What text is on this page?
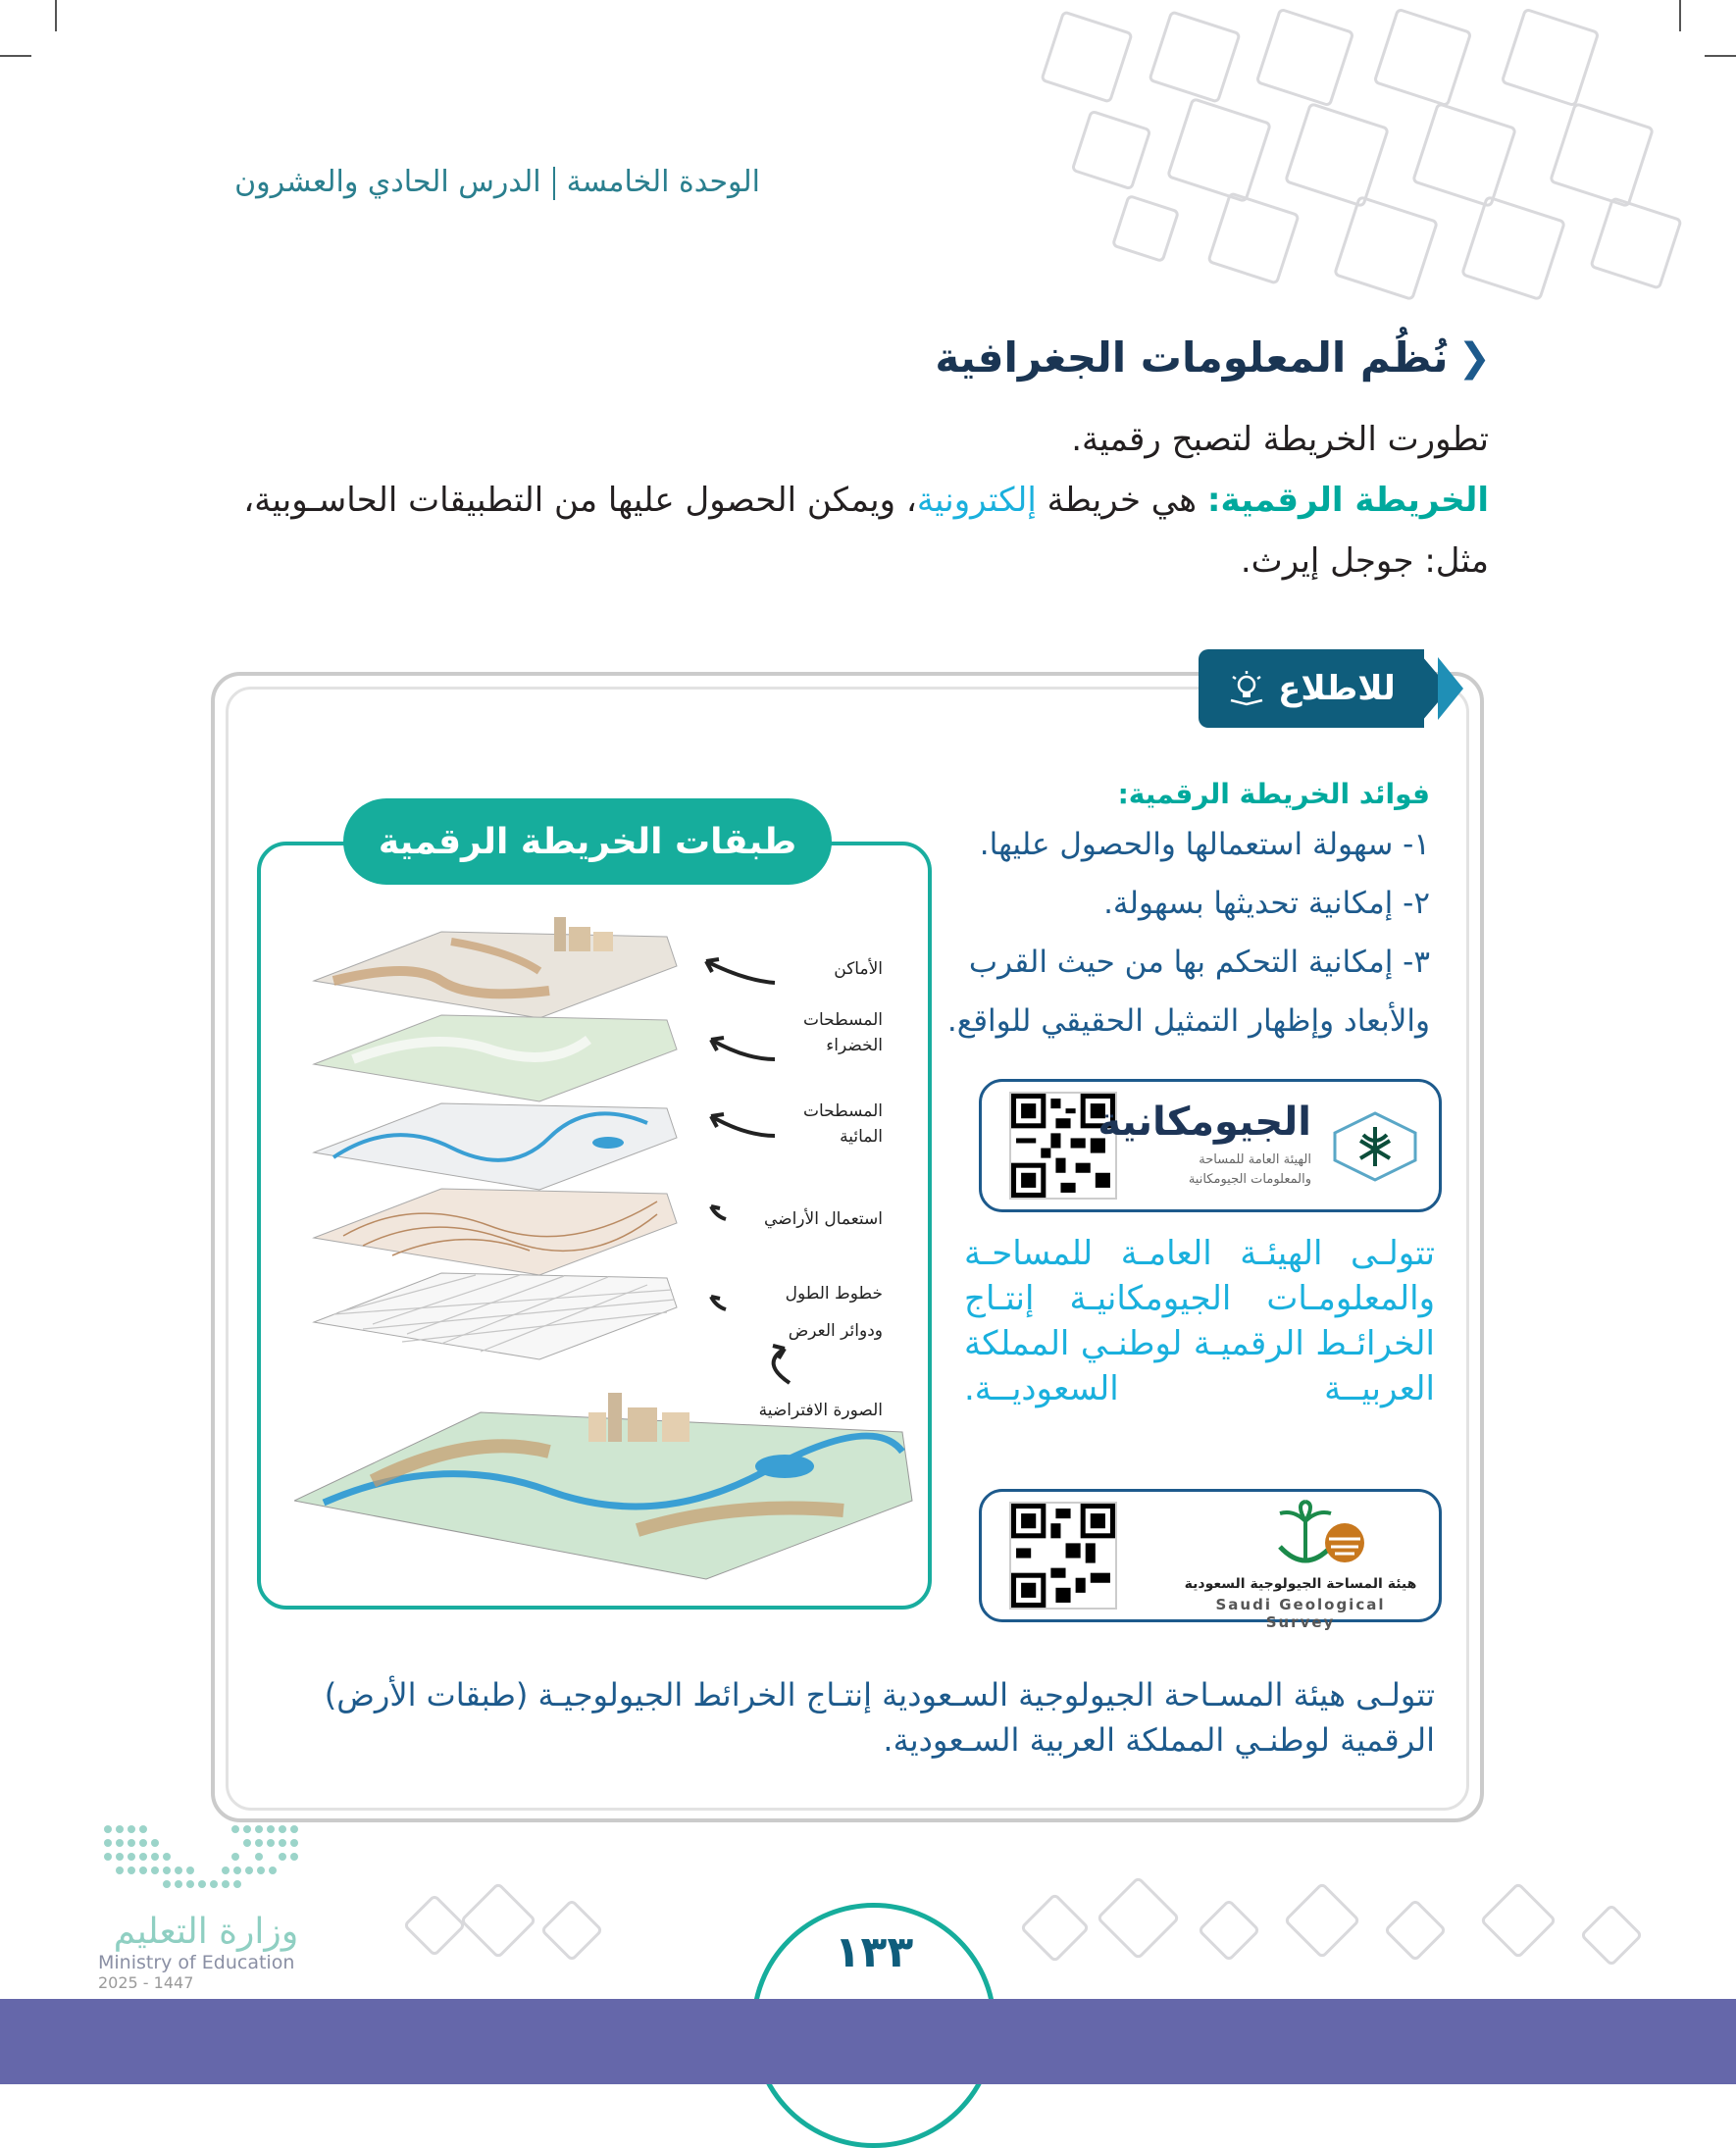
الوحدة الخامسةالدرس الحادي والعشرون
❮
نُظُم المعلومات الجغرافية
تطورت الخريطة لتصبح رقمية.
الخريطة الرقمية: هي خريطة إلكترونية، ويمكن الحصول عليها من التطبيقات الحاسـوبية،
مثل: جوجل إيرث.
للاطلاع
فوائد الخريطة الرقمية:
١- سهولة استعمالها والحصول عليها.
٢- إمكانية تحديثها بسهولة.
٣- إمكانية التحكم بها من حيث القرب
والأبعاد وإظهار التمثيل الحقيقي للواقع.
طبقات الخريطة الرقمية
الأماكن
المسطحات
الخضراء
المسطحات
المائية
استعمال الأراضي
خطوط الطول
ودوائر العرض
الصورة الافتراضية
الجيومكانية
الهيئة العامة للمساحة
والمعلومات الجيومكانية
تتولـى الهيئـة العامـة للمساحـة والمعلومـات الجيومكانيـة إنتـاج الخرائـط الرقميـة لوطنـي المملكة العربيــة السعوديــة.
هيئة المساحة الجيولوجية السعودية
Saudi Geological Survey
تتولـى هيئة المسـاحة الجيولوجية السـعودية إنتـاج الخرائط الجيولوجيـة (طبقات الأرض)
الرقمية لوطنـي المملكة العربية السـعودية.
وزارة التعليم
Ministry of Education
2025 - 1447
١٣٣
